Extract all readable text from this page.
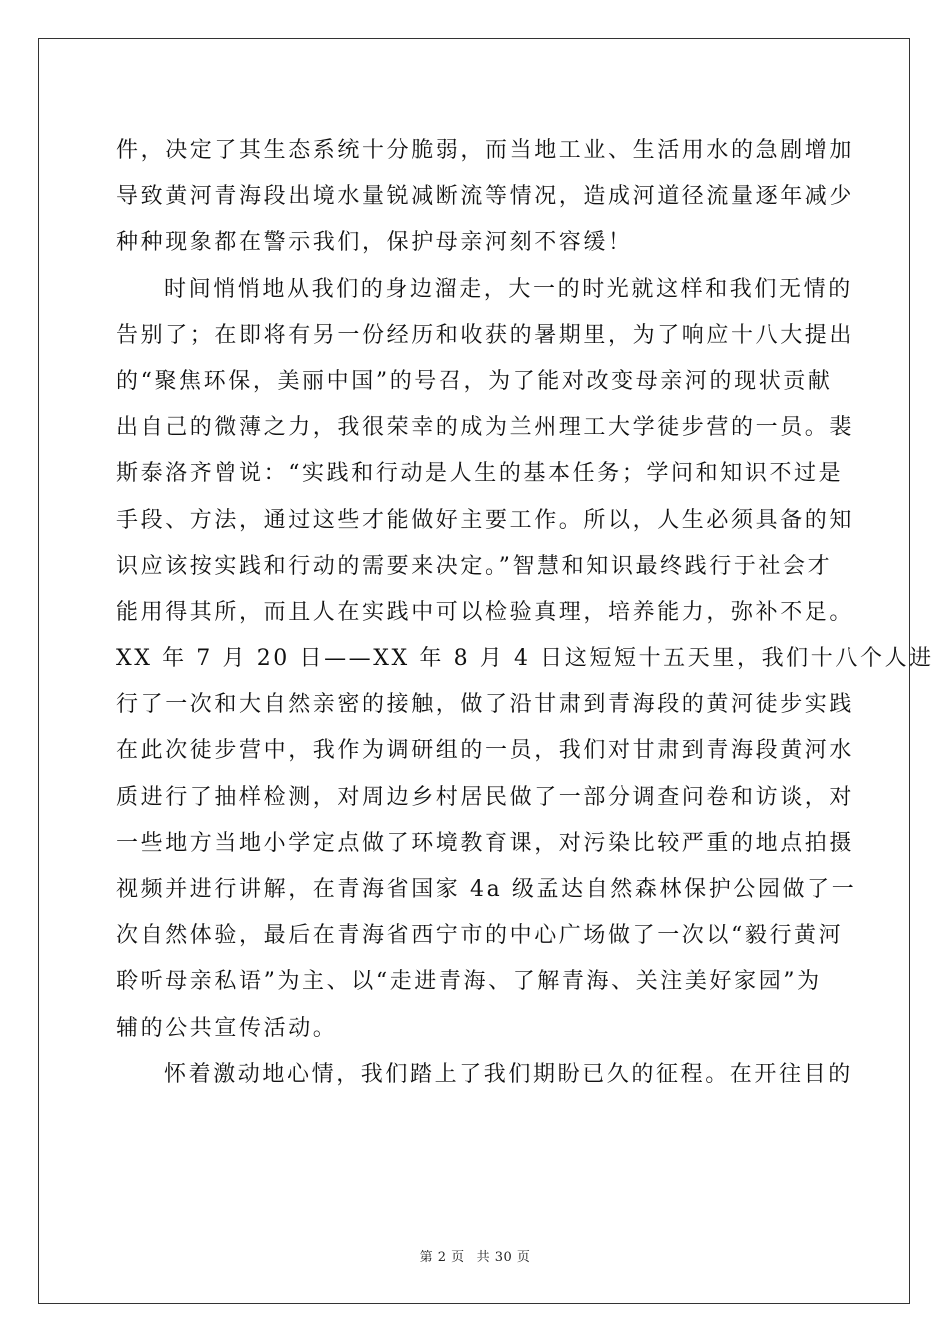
件，决定了其生态系统十分脆弱，而当地工业、生活用水的急剧增加
导致黄河青海段出境水量锐减断流等情况，造成河道径流量逐年减少
种种现象都在警示我们，保护母亲河刻不容缓！
时间悄悄地从我们的身边溜走，大一的时光就这样和我们无情的
告别了；在即将有另一份经历和收获的暑期里，为了响应十八大提出
的“聚焦环保，美丽中国”的号召，为了能对改变母亲河的现状贡献
出自己的微薄之力，我很荣幸的成为兰州理工大学徒步营的一员。裴
斯泰洛齐曾说：“实践和行动是人生的基本任务；学问和知识不过是
手段、方法，通过这些才能做好主要工作。所以，人生必须具备的知
识应该按实践和行动的需要来决定。”智慧和知识最终践行于社会才
能用得其所，而且人在实践中可以检验真理，培养能力，弥补不足。
XX 年 7 月 20 日——XX 年 8 月 4 日这短短十五天里，我们十八个人进
行了一次和大自然亲密的接触，做了沿甘肃到青海段的黄河徒步实践
在此次徒步营中，我作为调研组的一员，我们对甘肃到青海段黄河水
质进行了抽样检测，对周边乡村居民做了一部分调查问卷和访谈，对
一些地方当地小学定点做了环境教育课，对污染比较严重的地点拍摄
视频并进行讲解，在青海省国家 4a 级孟达自然森林保护公园做了一
次自然体验，最后在青海省西宁市的中心广场做了一次以“毅行黄河
聆听母亲私语”为主、以“走进青海、了解青海、关注美好家园”为
辅的公共宣传活动。
怀着激动地心情，我们踏上了我们期盼已久的征程。在开往目的
第 2 页 共 30 页
